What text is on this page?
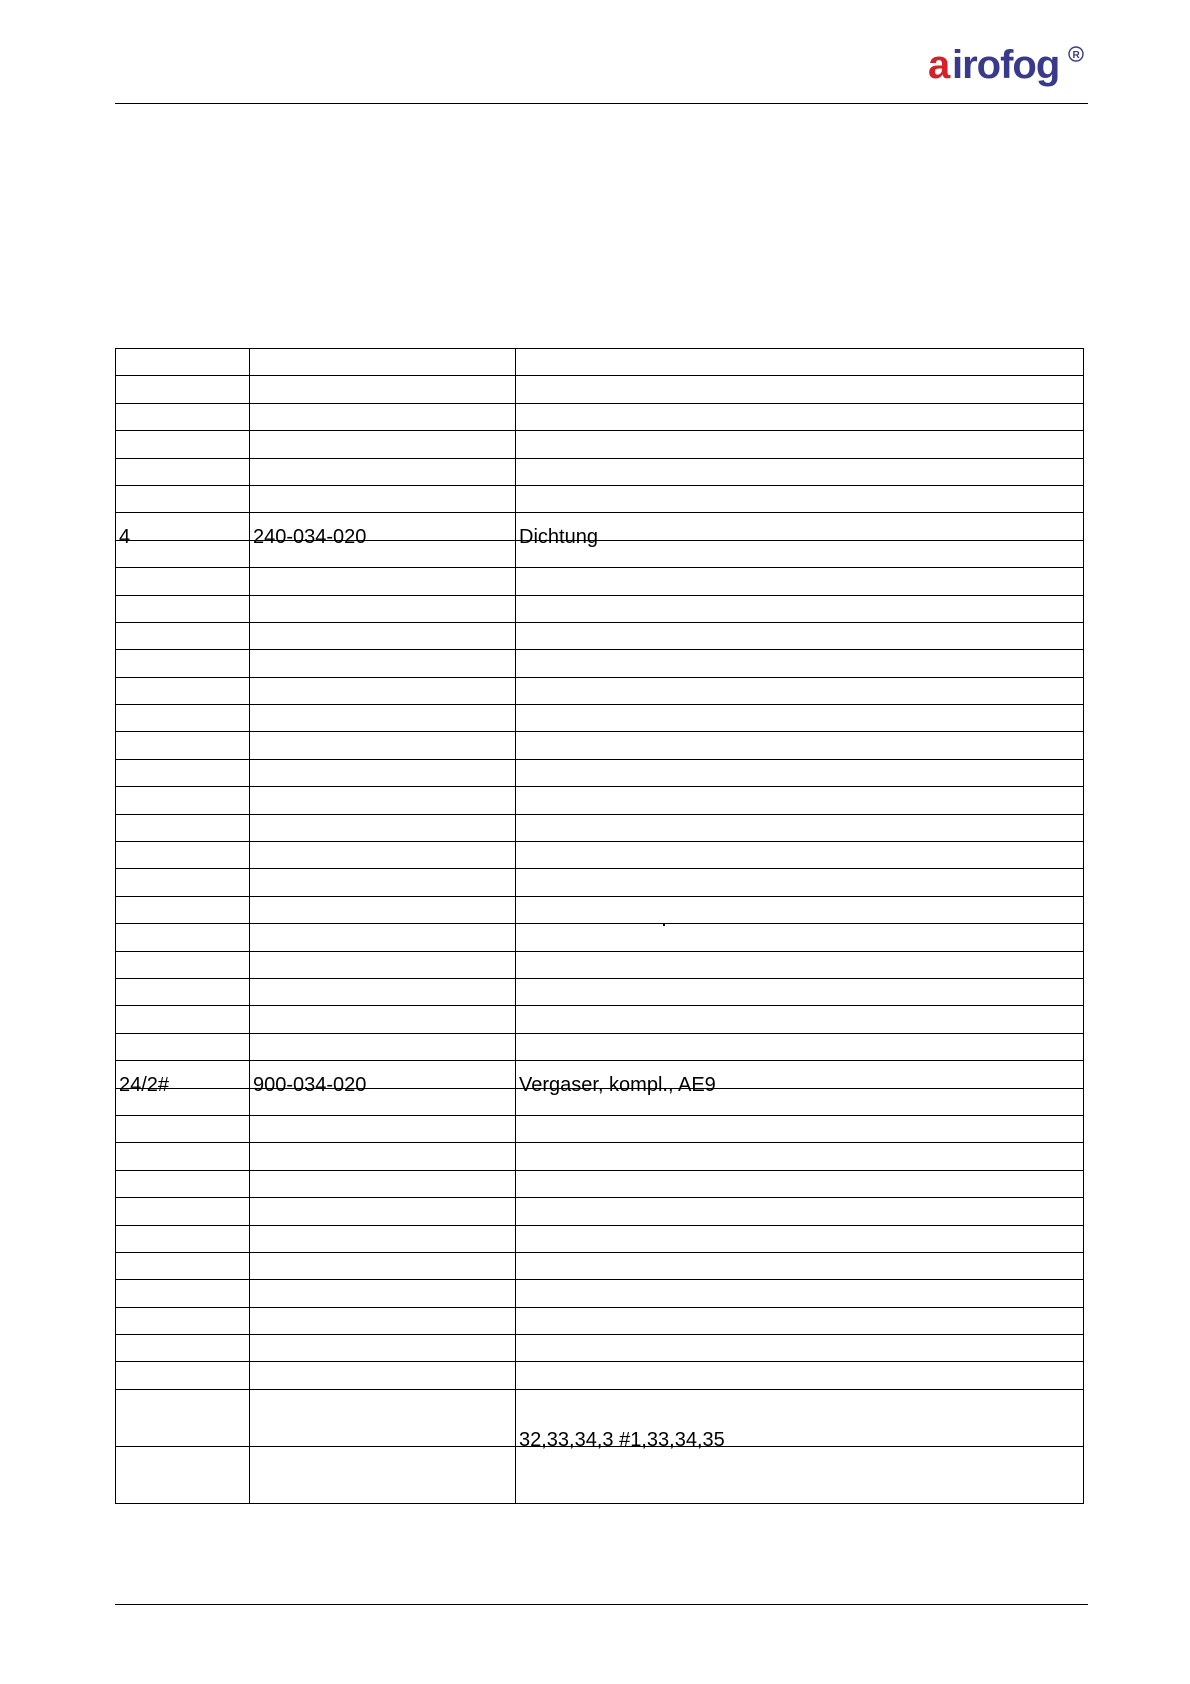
a irofog R

4	240-034-020	Dichtung

24/2#	900-034-020	Vergaser, kompl., AE9

		32,33,34,3 #1,33,34,35
